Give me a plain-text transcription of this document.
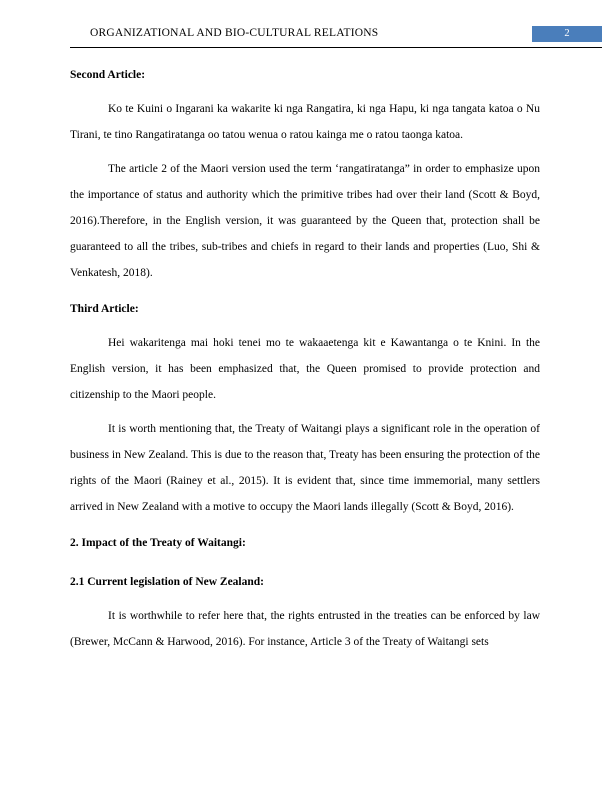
ORGANIZATIONAL AND BIO-CULTURAL RELATIONS	2
Second Article:

Ko te Kuini o Ingarani ka wakarite ki nga Rangatira, ki nga Hapu, ki nga tangata katoa o Nu Tirani, te tino Rangatiratanga oo tatou wenua o ratou kainga me o ratou taonga katoa.

The article 2 of the Maori version used the term ‘rangatiratanga” in order to emphasize upon the importance of status and authority which the primitive tribes had over their land (Scott & Boyd, 2016).Therefore, in the English version, it was guaranteed by the Queen that, protection shall be guaranteed to all the tribes, sub-tribes and chiefs in regard to their lands and properties (Luo, Shi & Venkatesh, 2018).

Third Article:

Hei wakaritenga mai hoki tenei mo te wakaaetenga kit e Kawantanga o te Knini. In the English version, it has been emphasized that, the Queen promised to provide protection and citizenship to the Maori people.

It is worth mentioning that, the Treaty of Waitangi plays a significant role in the operation of business in New Zealand. This is due to the reason that, Treaty has been ensuring the protection of the rights of the Maori (Rainey et al., 2015). It is evident that, since time immemorial, many settlers arrived in New Zealand with a motive to occupy the Maori lands illegally (Scott & Boyd, 2016).

2. Impact of the Treaty of Waitangi:
2.1 Current legislation of New Zealand:

It is worthwhile to refer here that, the rights entrusted in the treaties can be enforced by law (Brewer, McCann & Harwood, 2016). For instance, Article 3 of the Treaty of Waitangi sets
